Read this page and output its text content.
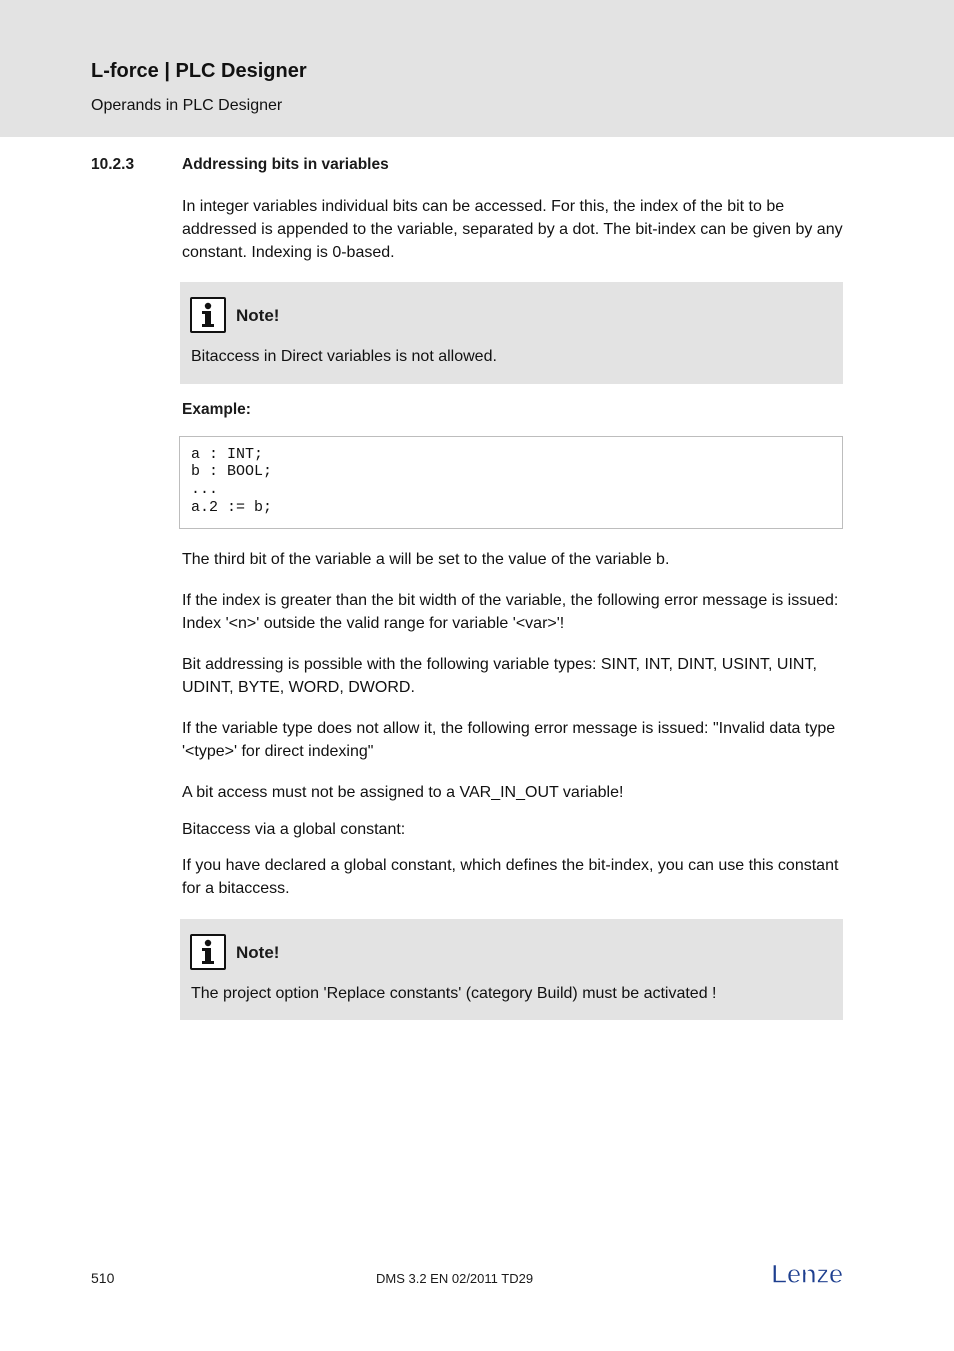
L-force | PLC Designer
Operands in PLC Designer
10.2.3	Addressing bits in variables

In integer variables individual bits can be accessed. For this, the index of the bit to be addressed is appended to the variable, separated by a dot. The bit-index can be given by any constant. Indexing is 0-based.

Note!
Bitaccess in Direct variables is not allowed.
Example:
a : INT;
b : BOOL;
...
a.2 := b;

The third bit of the variable a will be set to the value of the variable b.

If the index is greater than the bit width of the variable, the following error message is issued: Index '<n>' outside the valid range for variable '<var>'!

Bit addressing is possible with the following variable types: SINT, INT, DINT, USINT, UINT, UDINT, BYTE, WORD, DWORD.

If the variable type does not allow it, the following error message is issued: "Invalid data type '<type>' for direct indexing"

A bit access must not be assigned to a VAR_IN_OUT variable!

Bitaccess via a global constant:

If you have declared a global constant, which defines the bit-index, you can use this constant for a bitaccess.

Note!
The project option 'Replace constants' (category Build) must be activated !
510	DMS 3.2 EN 02/2011 TD29	Lenze
